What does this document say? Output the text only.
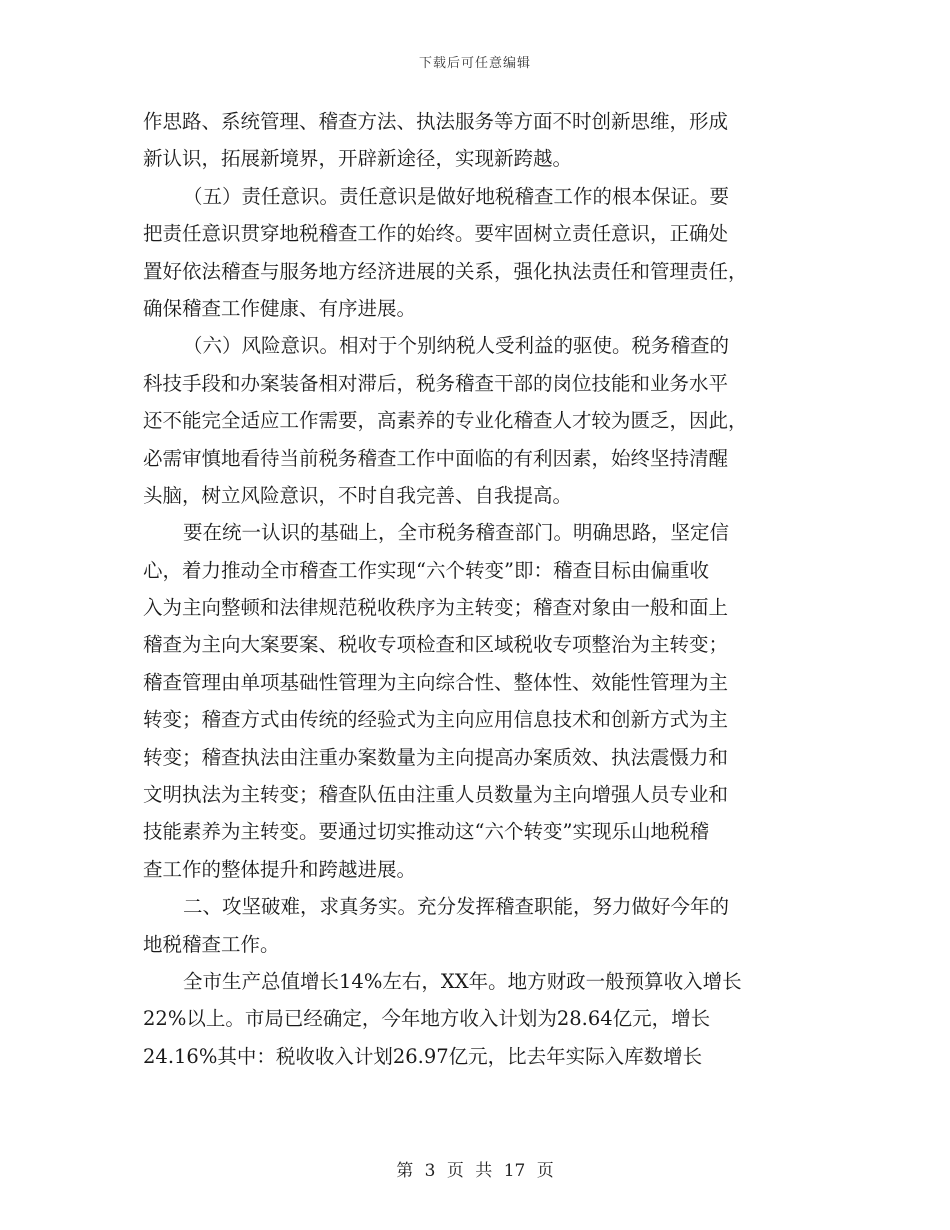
下载后可任意编辑
作思路、系统管理、稽查方法、执法服务等方面不时创新思维，形成
新认识，拓展新境界，开辟新途径，实现新跨越。
（五）责任意识。责任意识是做好地税稽查工作的根本保证。要
把责任意识贯穿地税稽查工作的始终。要牢固树立责任意识，正确处
置好依法稽查与服务地方经济进展的关系，强化执法责任和管理责任，
确保稽查工作健康、有序进展。
（六）风险意识。相对于个别纳税人受利益的驱使。税务稽查的
科技手段和办案装备相对滞后，税务稽查干部的岗位技能和业务水平
还不能完全适应工作需要，高素养的专业化稽查人才较为匮乏，因此，
必需审慎地看待当前税务稽查工作中面临的有利因素，始终坚持清醒
头脑，树立风险意识，不时自我完善、自我提高。
要在统一认识的基础上，全市税务稽查部门。明确思路，坚定信
心，着力推动全市稽查工作实现“六个转变”即：稽查目标由偏重收
入为主向整顿和法律规范税收秩序为主转变；稽查对象由一般和面上
稽查为主向大案要案、税收专项检查和区域税收专项整治为主转变；
稽查管理由单项基础性管理为主向综合性、整体性、效能性管理为主
转变；稽查方式由传统的经验式为主向应用信息技术和创新方式为主
转变；稽查执法由注重办案数量为主向提高办案质效、执法震慑力和
文明执法为主转变；稽查队伍由注重人员数量为主向增强人员专业和
技能素养为主转变。要通过切实推动这“六个转变”实现乐山地税稽
查工作的整体提升和跨越进展。
二、攻坚破难，求真务实。充分发挥稽查职能，努力做好今年的
地税稽查工作。
全市生产总值增长14%左右，XX年。地方财政一般预算收入增长
22%以上。市局已经确定，今年地方收入计划为28.64亿元，增长
24.16%其中：税收收入计划26.97亿元，比去年实际入库数增长
第 3 页 共 17 页
